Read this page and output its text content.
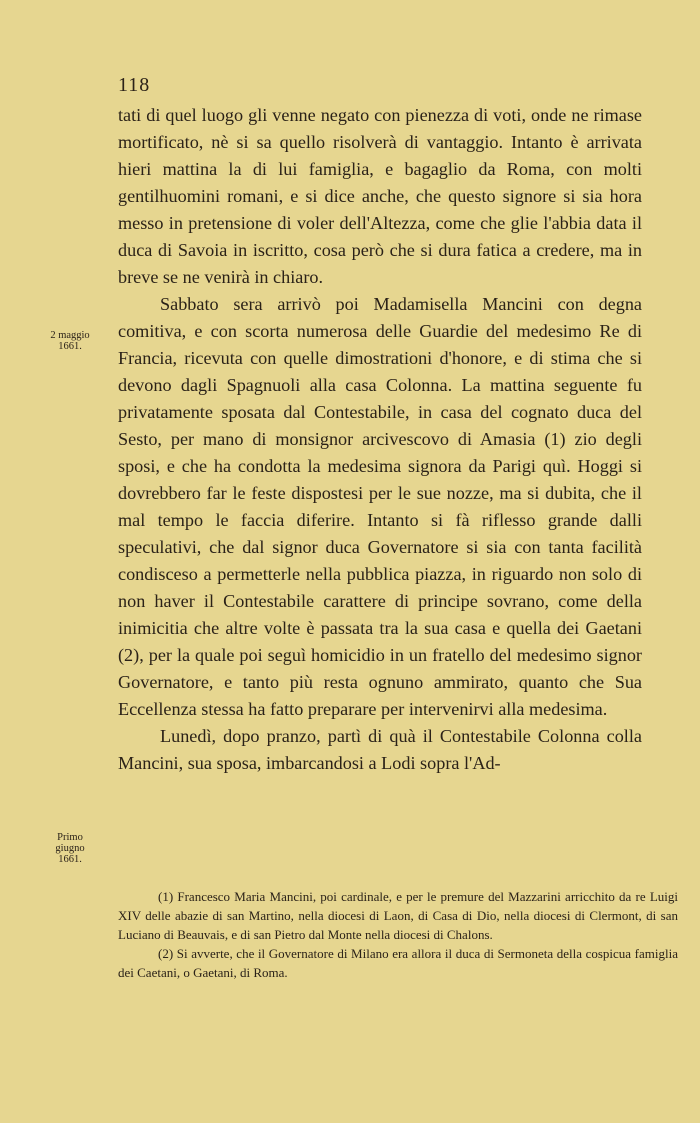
118
2 maggio
1661.
Primo
giugno
1661.

tati di quel luogo gli venne negato con pienezza di voti, onde ne rimase mortificato, nè si sa quello risolverà di vantaggio. Intanto è arrivata hieri mattina la di lui famiglia, e bagaglio da Roma, con molti gentilhuomini romani, e si dice anche, che questo signore si sia hora messo in pretensione di voler dell'Altezza, come che glie l'abbia data il duca di Savoia in iscritto, cosa però che si dura fatica a credere, ma in breve se ne venirà in chiaro.

Sabbato sera arrivò poi Madamisella Mancini con degna comitiva, e con scorta numerosa delle Guardie del medesimo Re di Francia, ricevuta con quelle dimostrationi d'honore, e di stima che si devono dagli Spagnuoli alla casa Colonna. La mattina seguente fu privatamente sposata dal Contestabile, in casa del cognato duca del Sesto, per mano di monsignor arcivescovo di Amasia (1) zio degli sposi, e che ha condotta la medesima signora da Parigi quì. Hoggi si dovrebbero far le feste dispostesi per le sue nozze, ma si dubita, che il mal tempo le faccia diferire. Intanto si fà riflesso grande dalli speculativi, che dal signor duca Governatore si sia con tanta facilità condisceso a permetterle nella pubblica piazza, in riguardo non solo di non haver il Contestabile carattere di principe sovrano, come della inimicitia che altre volte è passata tra la sua casa e quella dei Gaetani (2), per la quale poi seguì homicidio in un fratello del medesimo signor Governatore, e tanto più resta ognuno ammirato, quanto che Sua Eccellenza stessa ha fatto preparare per intervenirvi alla medesima.

Lunedì, dopo pranzo, partì di quà il Contestabile Colonna colla Mancini, sua sposa, imbarcandosi a Lodi sopra l'Ad-

(1) Francesco Maria Mancini, poi cardinale, e per le premure del Mazzarini arricchito da re Luigi XIV delle abazie di san Martino, nella diocesi di Laon, di Casa di Dio, nella diocesi di Clermont, di san Luciano di Beauvais, e di san Pietro dal Monte nella diocesi di Chalons.

(2) Si avverte, che il Governatore di Milano era allora il duca di Sermoneta della cospicua famiglia dei Caetani, o Gaetani, di Roma.
